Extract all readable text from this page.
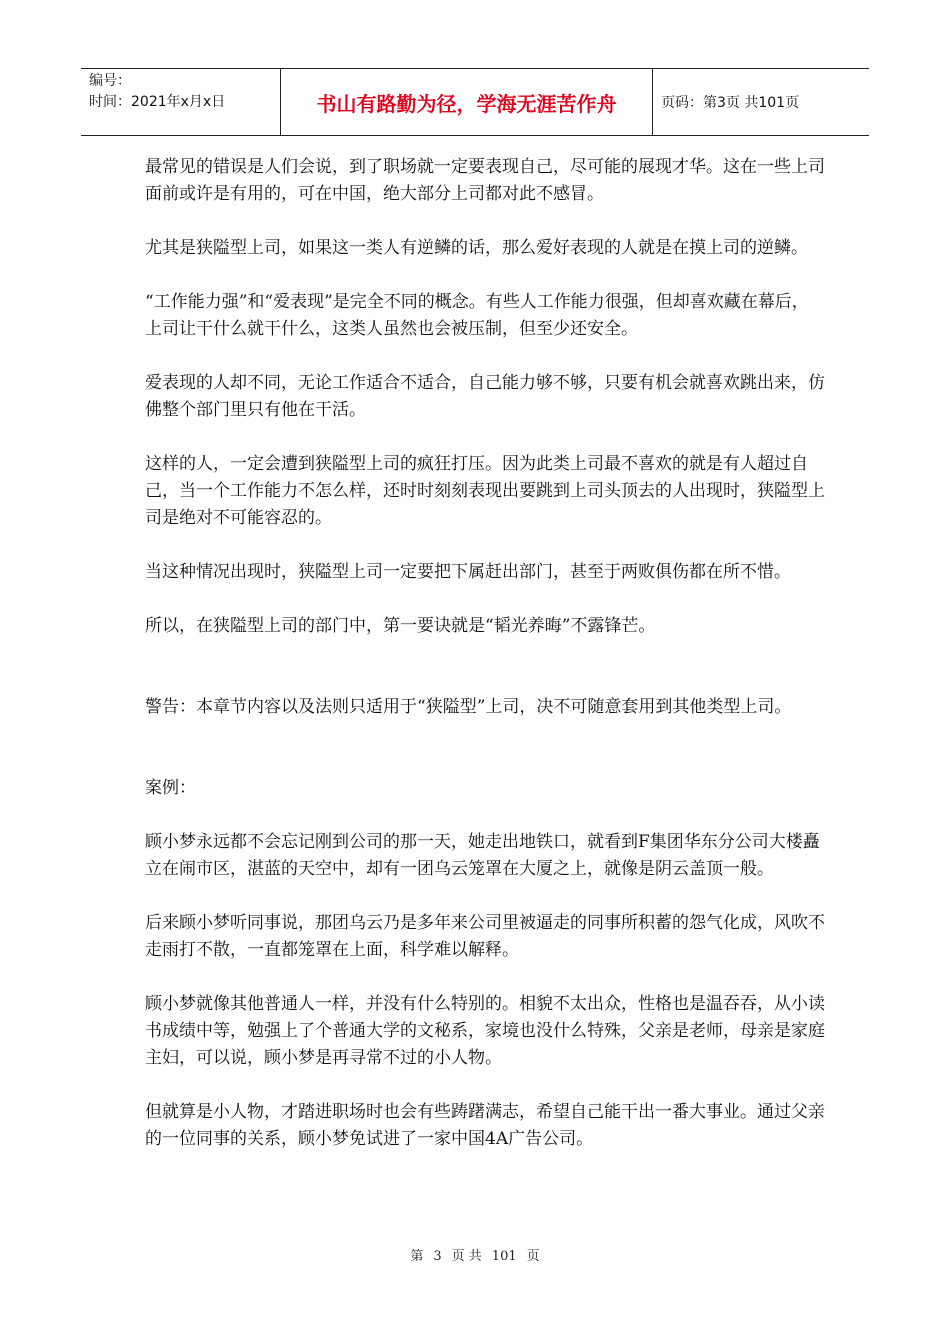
编号：
时间：2021年x月x日	书山有路勤为径，学海无涯苦作舟	页码：第3页 共101页

最常见的错误是人们会说，到了职场就一定要表现自己，尽可能的展现才华。这在一些上司面前或许是有用的，可在中国，绝大部分上司都对此不感冒。

尤其是狭隘型上司，如果这一类人有逆鳞的话，那么爱好表现的人就是在摸上司的逆鳞。

“工作能力强”和“爱表现”是完全不同的概念。有些人工作能力很强，但却喜欢藏在幕后，上司让干什么就干什么，这类人虽然也会被压制，但至少还安全。

爱表现的人却不同，无论工作适合不适合，自己能力够不够，只要有机会就喜欢跳出来，仿佛整个部门里只有他在干活。

这样的人，一定会遭到狭隘型上司的疯狂打压。因为此类上司最不喜欢的就是有人超过自己，当一个工作能力不怎么样，还时时刻刻表现出要跳到上司头顶去的人出现时，狭隘型上司是绝对不可能容忍的。

当这种情况出现时，狭隘型上司一定要把下属赶出部门，甚至于两败俱伤都在所不惜。

所以，在狭隘型上司的部门中，第一要诀就是“韬光养晦”不露锋芒。

警告：本章节内容以及法则只适用于“狭隘型”上司，决不可随意套用到其他类型上司。

案例：

顾小梦永远都不会忘记刚到公司的那一天，她走出地铁口，就看到F集团华东分公司大楼矗立在闹市区，湛蓝的天空中，却有一团乌云笼罩在大厦之上，就像是阴云盖顶一般。

后来顾小梦听同事说，那团乌云乃是多年来公司里被逼走的同事所积蓄的怨气化成，风吹不走雨打不散，一直都笼罩在上面，科学难以解释。

顾小梦就像其他普通人一样，并没有什么特别的。相貌不太出众，性格也是温吞吞，从小读书成绩中等，勉强上了个普通大学的文秘系，家境也没什么特殊，父亲是老师，母亲是家庭主妇，可以说，顾小梦是再寻常不过的小人物。

但就算是小人物，才踏进职场时也会有些踌躇满志，希望自己能干出一番大事业。通过父亲的一位同事的关系，顾小梦免试进了一家中国4A广告公司。

第 3 页 共 101 页
